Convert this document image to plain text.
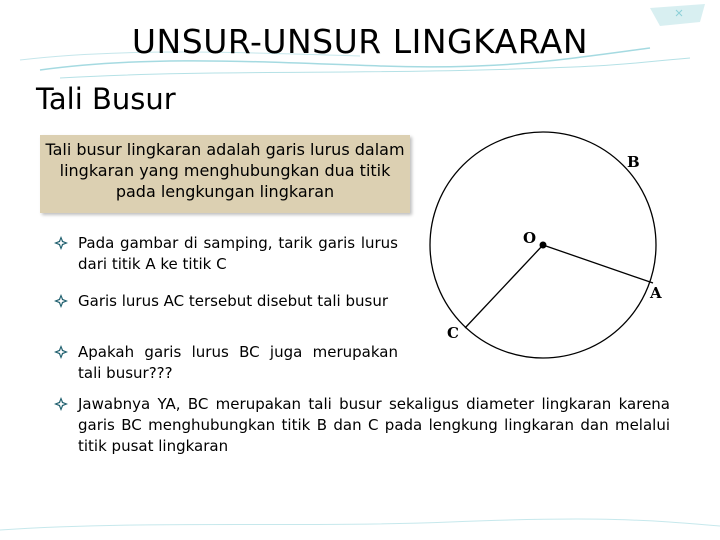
UNSUR-UNSUR LINGKARAN
Tali Busur
Tali busur lingkaran adalah garis lurus dalam lingkaran yang menghubungkan dua titik pada lengkungan lingkaran
Pada gambar di samping, tarik garis lurus dari titik A ke titik C
Garis lurus AC tersebut disebut tali busur
Apakah garis lurus BC juga merupakan tali busur???
Jawabnya YA, BC merupakan tali busur sekaligus diameter lingkaran karena garis BC menghubungkan titik B dan C pada lengkung lingkaran dan melalui titik pusat lingkaran
B
O
A
C
